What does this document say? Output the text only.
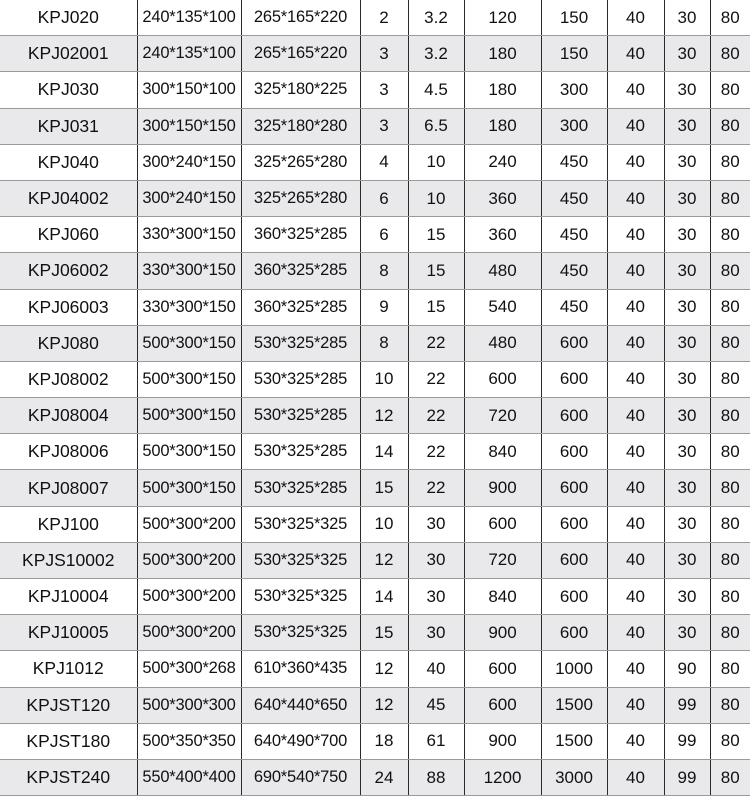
KPJ020	240*135*100	265*165*220	2	3.2	120	150	40	30	80
KPJ02001	240*135*100	265*165*220	3	3.2	180	150	40	30	80
KPJ030	300*150*100	325*180*225	3	4.5	180	300	40	30	80
KPJ031	300*150*150	325*180*280	3	6.5	180	300	40	30	80
KPJ040	300*240*150	325*265*280	4	10	240	450	40	30	80
KPJ04002	300*240*150	325*265*280	6	10	360	450	40	30	80
KPJ060	330*300*150	360*325*285	6	15	360	450	40	30	80
KPJ06002	330*300*150	360*325*285	8	15	480	450	40	30	80
KPJ06003	330*300*150	360*325*285	9	15	540	450	40	30	80
KPJ080	500*300*150	530*325*285	8	22	480	600	40	30	80
KPJ08002	500*300*150	530*325*285	10	22	600	600	40	30	80
KPJ08004	500*300*150	530*325*285	12	22	720	600	40	30	80
KPJ08006	500*300*150	530*325*285	14	22	840	600	40	30	80
KPJ08007	500*300*150	530*325*285	15	22	900	600	40	30	80
KPJ100	500*300*200	530*325*325	10	30	600	600	40	30	80
KPJS10002	500*300*200	530*325*325	12	30	720	600	40	30	80
KPJ10004	500*300*200	530*325*325	14	30	840	600	40	30	80
KPJ10005	500*300*200	530*325*325	15	30	900	600	40	30	80
KPJ1012	500*300*268	610*360*435	12	40	600	1000	40	90	80
KPJST120	500*300*300	640*440*650	12	45	600	1500	40	99	80
KPJST180	500*350*350	640*490*700	18	61	900	1500	40	99	80
KPJST240	550*400*400	690*540*750	24	88	1200	3000	40	99	80
